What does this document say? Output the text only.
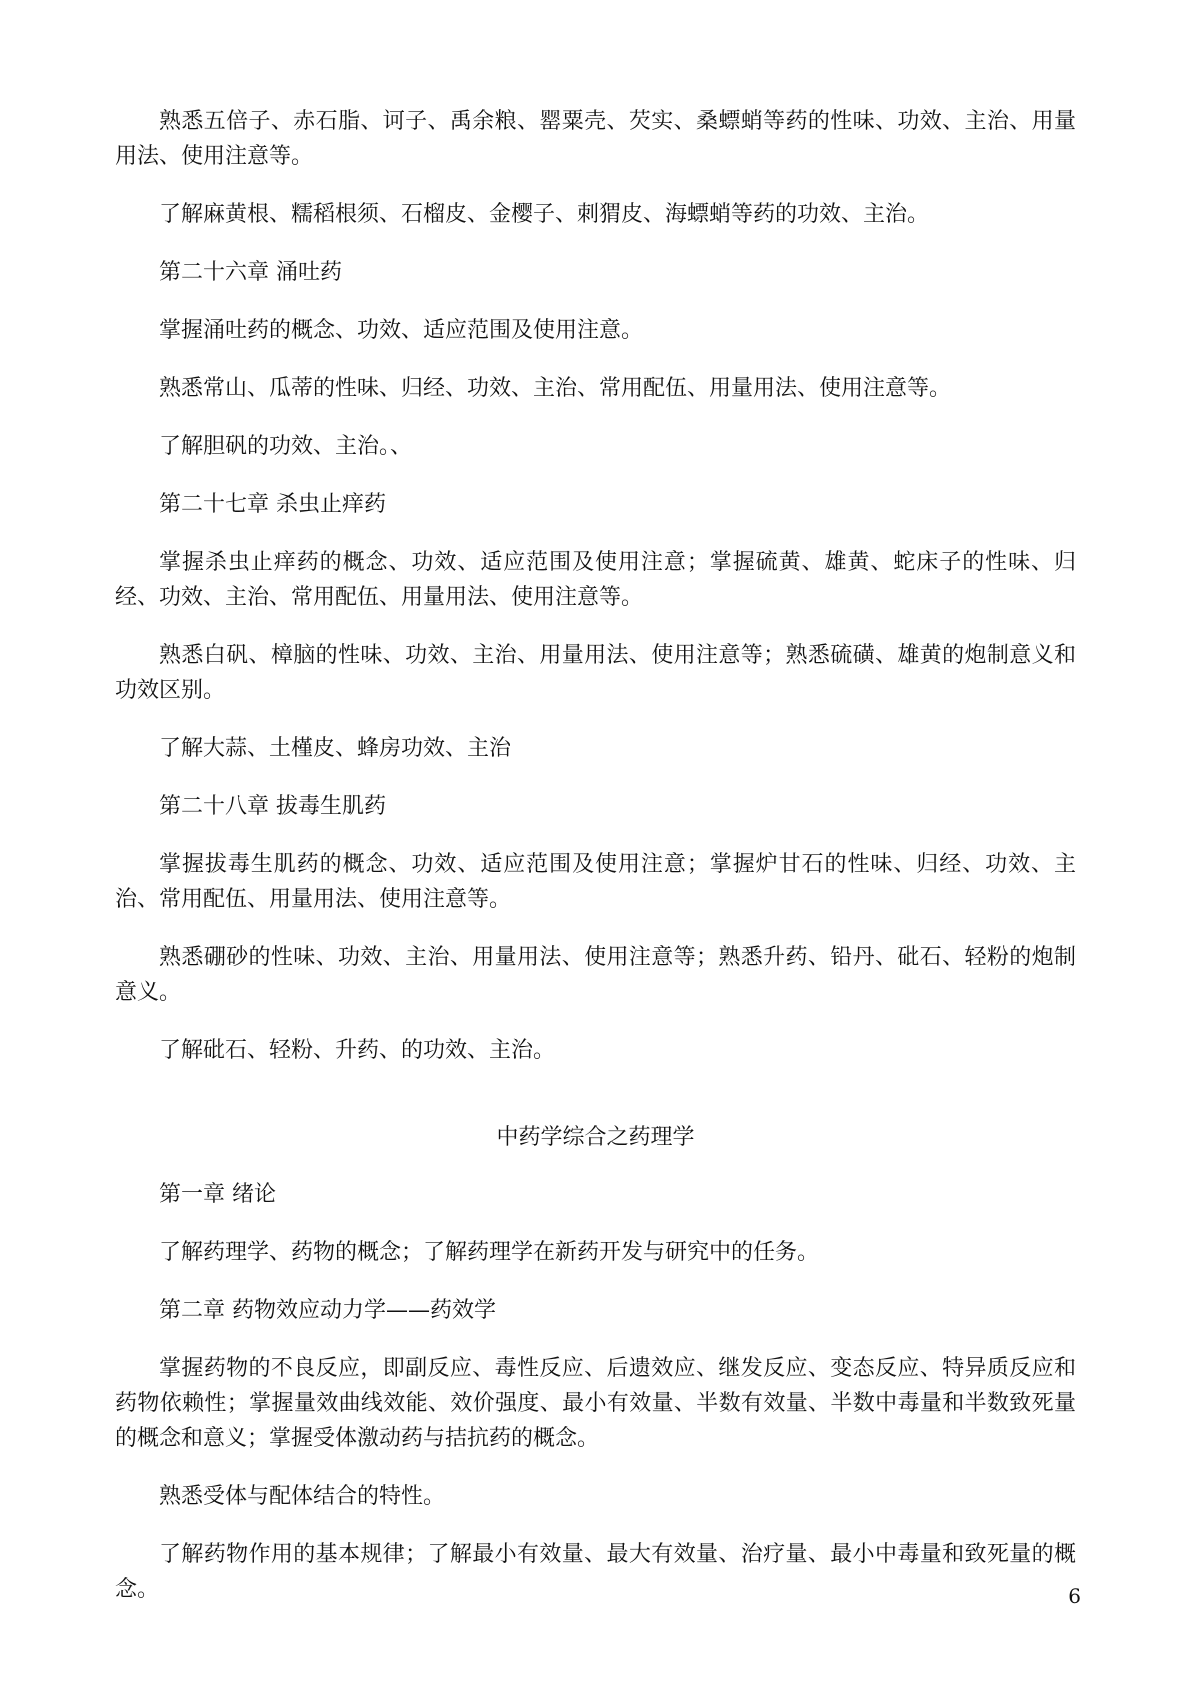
熟悉五倍子、赤石脂、诃子、禹余粮、罂粟壳、芡实、桑螵蛸等药的性味、功效、主治、用量用法、使用注意等。

了解麻黄根、糯稻根须、石榴皮、金樱子、刺猬皮、海螵蛸等药的功效、主治。

第二十六章 涌吐药

掌握涌吐药的概念、功效、适应范围及使用注意。

熟悉常山、瓜蒂的性味、归经、功效、主治、常用配伍、用量用法、使用注意等。

了解胆矾的功效、主治。、

第二十七章 杀虫止痒药

掌握杀虫止痒药的概念、功效、适应范围及使用注意；掌握硫黄、雄黄、蛇床子的性味、归经、功效、主治、常用配伍、用量用法、使用注意等。

熟悉白矾、樟脑的性味、功效、主治、用量用法、使用注意等；熟悉硫磺、雄黄的炮制意义和功效区别。

了解大蒜、土槿皮、蜂房功效、主治

第二十八章 拔毒生肌药

掌握拔毒生肌药的概念、功效、适应范围及使用注意；掌握炉甘石的性味、归经、功效、主治、常用配伍、用量用法、使用注意等。

熟悉硼砂的性味、功效、主治、用量用法、使用注意等；熟悉升药、铅丹、砒石、轻粉的炮制意义。

了解砒石、轻粉、升药、的功效、主治。

中药学综合之药理学

第一章 绪论

了解药理学、药物的概念；了解药理学在新药开发与研究中的任务。

第二章 药物效应动力学——药效学

掌握药物的不良反应，即副反应、毒性反应、后遗效应、继发反应、变态反应、特异质反应和药物依赖性；掌握量效曲线效能、效价强度、最小有效量、半数有效量、半数中毒量和半数致死量的概念和意义；掌握受体激动药与拮抗药的概念。

熟悉受体与配体结合的特性。

了解药物作用的基本规律；了解最小有效量、最大有效量、治疗量、最小中毒量和致死量的概念。	6
